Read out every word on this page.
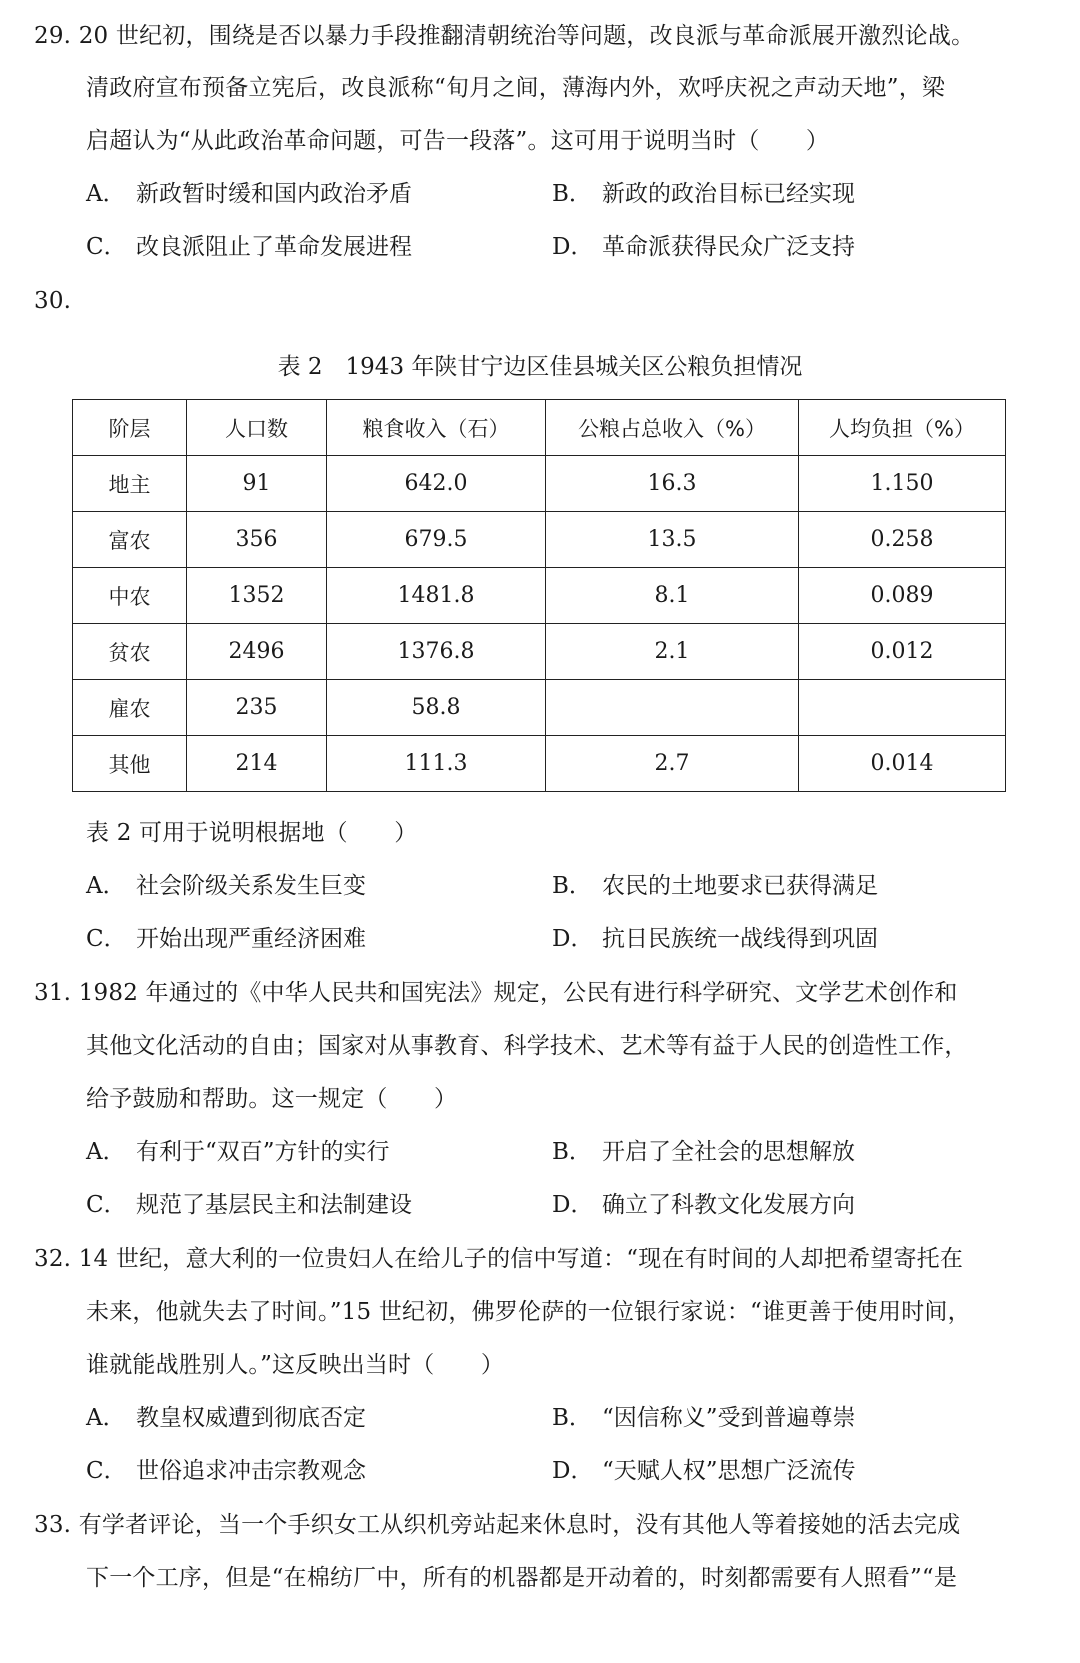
29. 20 世纪初，围绕是否以暴力手段推翻清朝统治等问题，改良派与革命派展开激烈论战。
清政府宣布预备立宪后，改良派称“旬月之间，薄海内外，欢呼庆祝之声动天地”，梁
启超认为“从此政治革命问题，可告一段落”。这可用于说明当时（　　）
A． 新政暂时缓和国内政治矛盾	B． 新政的政治目标已经实现
C． 改良派阻止了革命发展进程	D． 革命派获得民众广泛支持
30.
表 2　1943 年陕甘宁边区佳县城关区公粮负担情况
阶层	人口数	粮食收入（石）	公粮占总收入（%）	人均负担（%）
地主	91	642.0	16.3	1.150
富农	356	679.5	13.5	0.258
中农	1352	1481.8	8.1	0.089
贫农	2496	1376.8	2.1	0.012
雇农	235	58.8		
其他	214	111.3	2.7	0.014
表 2 可用于说明根据地（　　）
A． 社会阶级关系发生巨变	B． 农民的土地要求已获得满足
C． 开始出现严重经济困难	D． 抗日民族统一战线得到巩固
31. 1982 年通过的《中华人民共和国宪法》规定，公民有进行科学研究、文学艺术创作和
其他文化活动的自由；国家对从事教育、科学技术、艺术等有益于人民的创造性工作，
给予鼓励和帮助。这一规定（　　）
A． 有利于“双百”方针的实行	B． 开启了全社会的思想解放
C． 规范了基层民主和法制建设	D． 确立了科教文化发展方向
32. 14 世纪，意大利的一位贵妇人在给儿子的信中写道：“现在有时间的人却把希望寄托在
未来，他就失去了时间。”15 世纪初，佛罗伦萨的一位银行家说：“谁更善于使用时间，
谁就能战胜别人。”这反映出当时（　　）
A． 教皇权威遭到彻底否定	B． “因信称义”受到普遍尊崇
C． 世俗追求冲击宗教观念	D． “天赋人权”思想广泛流传
33. 有学者评论，当一个手织女工从织机旁站起来休息时，没有其他人等着接她的活去完成
下一个工序，但是“在棉纺厂中，所有的机器都是开动着的，时刻都需要有人照看”“是
